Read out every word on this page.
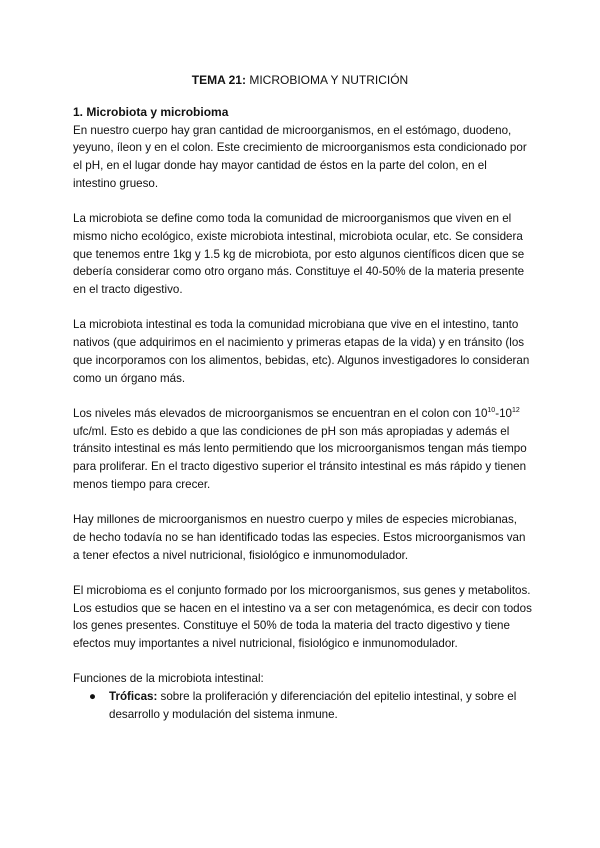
TEMA 21: MICROBIOMA Y NUTRICIÓN

1. Microbiota y microbioma

En nuestro cuerpo hay gran cantidad de microorganismos, en el estómago, duodeno, yeyuno, íleon y en el colon. Este crecimiento de microorganismos esta condicionado por el pH, en el lugar donde hay mayor cantidad de éstos en la parte del colon, en el intestino grueso.

La microbiota se define como toda la comunidad de microorganismos que viven en el mismo nicho ecológico, existe microbiota intestinal, microbiota ocular, etc. Se considera que tenemos entre 1kg y 1.5 kg de microbiota, por esto algunos científicos dicen que se debería considerar como otro organo más. Constituye el 40-50% de la materia presente en el tracto digestivo.

La microbiota intestinal es toda la comunidad microbiana que vive en el intestino, tanto nativos (que adquirimos en el nacimiento y primeras etapas de la vida) y en tránsito (los que incorporamos con los alimentos, bebidas, etc). Algunos investigadores lo consideran como un órgano más.

Los niveles más elevados de microorganismos se encuentran en el colon con $10^{10}-10^{12}$ ufc/ml. Esto es debido a que las condiciones de pH son más apropiadas y además el tránsito intestinal es más lento permitiendo que los microorganismos tengan más tiempo para proliferar. En el tracto digestivo superior el tránsito intestinal es más rápido y tienen menos tiempo para crecer.

Hay millones de microorganismos en nuestro cuerpo y miles de especies microbianas, de hecho todavía no se han identificado todas las especies. Estos microorganismos van a tener efectos a nivel nutricional, fisiológico e inmunomodulador.

El microbioma es el conjunto formado por los microorganismos, sus genes y metabolitos. Los estudios que se hacen en el intestino va a ser con metagenómica, es decir con todos los genes presentes. Constituye el 50% de toda la materia del tracto digestivo y tiene efectos muy importantes a nivel nutricional, fisiológico e inmunomodulador.

Funciones de la microbiota intestinal:

● Tróficas: sobre la proliferación y diferenciación del epitelio intestinal, y sobre el desarrollo y modulación del sistema inmune.
